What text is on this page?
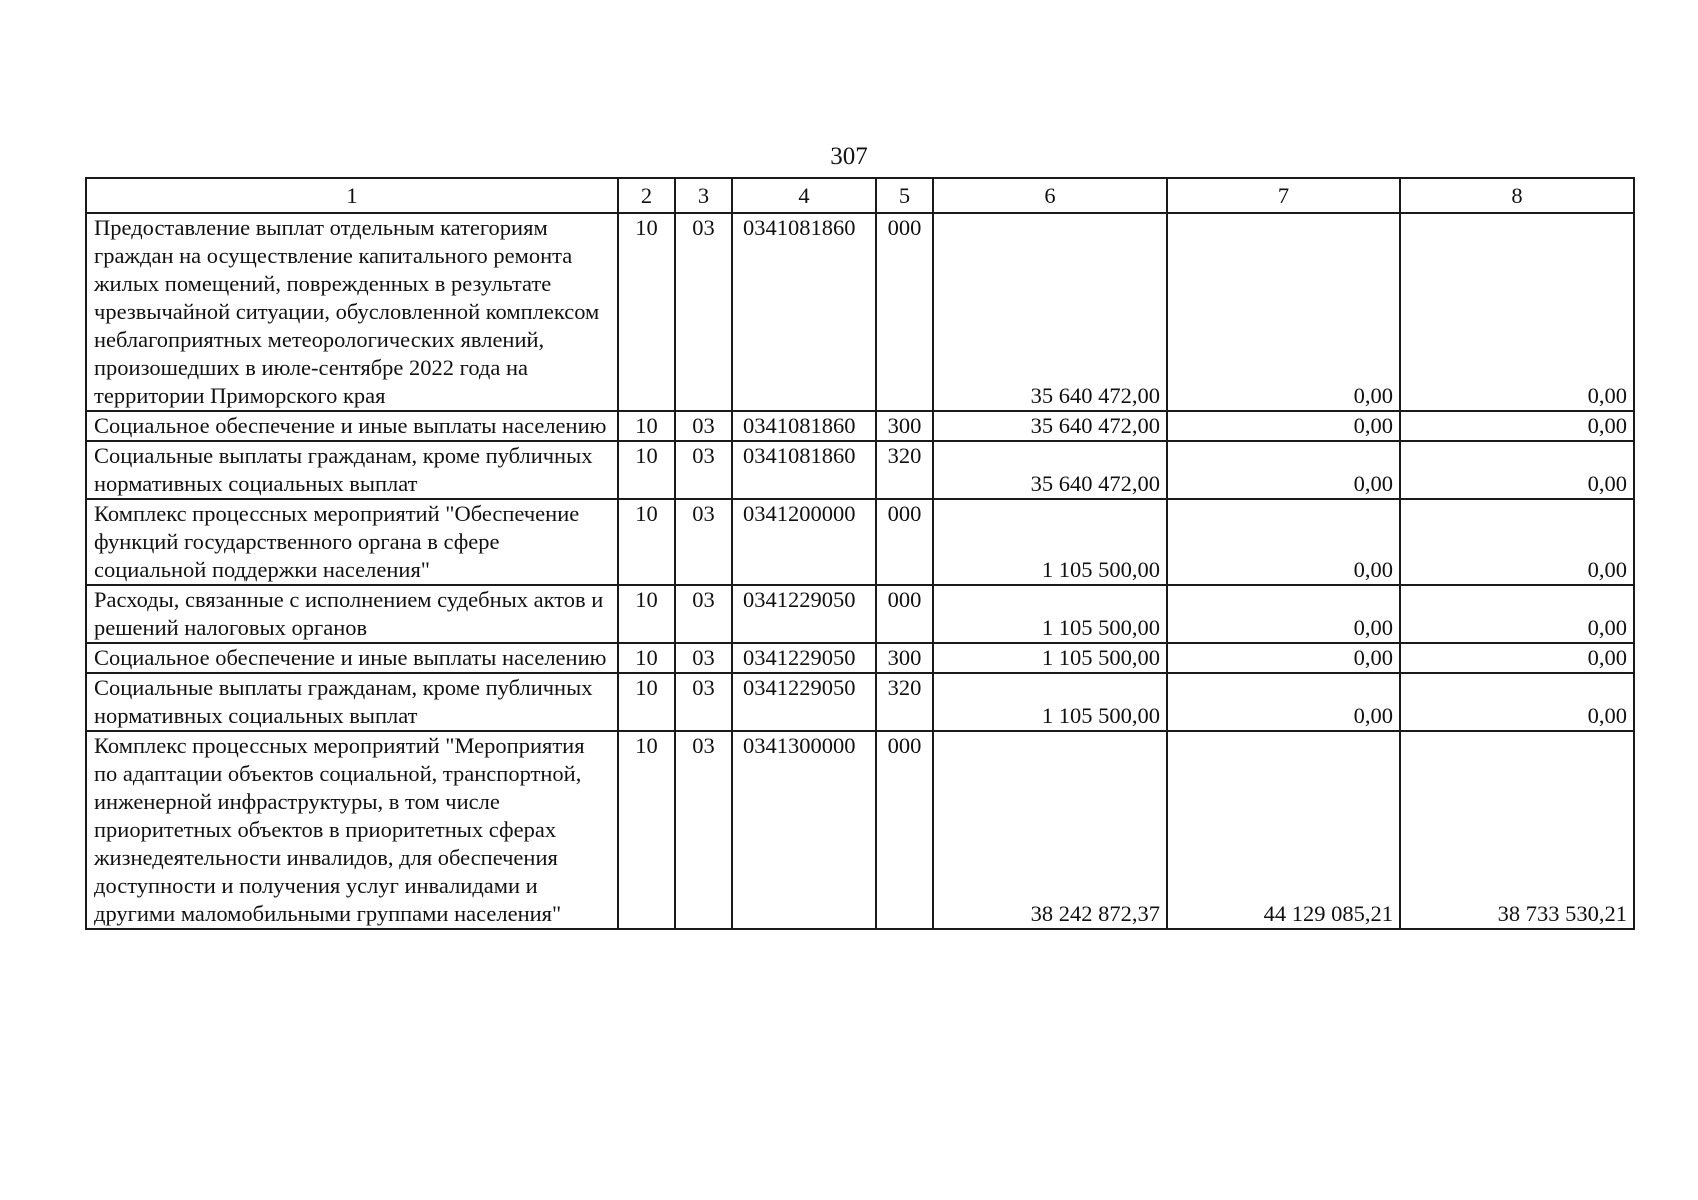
307
1	2	3	4	5	6	7	8
Предоставление выплат отдельным категориям граждан на осуществление капитального ремонта жилых помещений, поврежденных в результате чрезвычайной ситуации, обусловленной комплексом неблагоприятных метеорологических явлений, произошедших в июле-сентябре 2022 года на территории Приморского края	10	03	0341081860	000	35 640 472,00	0,00	0,00
Социальное обеспечение и иные выплаты населению	10	03	0341081860	300	35 640 472,00	0,00	0,00
Социальные выплаты гражданам, кроме публичных нормативных социальных выплат	10	03	0341081860	320	35 640 472,00	0,00	0,00
Комплекс процессных мероприятий "Обеспечение функций государственного органа в сфере социальной поддержки населения"	10	03	0341200000	000	1 105 500,00	0,00	0,00
Расходы, связанные с исполнением судебных актов и решений налоговых органов	10	03	0341229050	000	1 105 500,00	0,00	0,00
Социальное обеспечение и иные выплаты населению	10	03	0341229050	300	1 105 500,00	0,00	0,00
Социальные выплаты гражданам, кроме публичных нормативных социальных выплат	10	03	0341229050	320	1 105 500,00	0,00	0,00
Комплекс процессных мероприятий "Мероприятия по адаптации объектов социальной, транспортной, инженерной инфраструктуры, в том числе приоритетных объектов в приоритетных сферах жизнедеятельности инвалидов, для обеспечения доступности и получения услуг инвалидами и другими маломобильными группами населения"	10	03	0341300000	000	38 242 872,37	44 129 085,21	38 733 530,21
